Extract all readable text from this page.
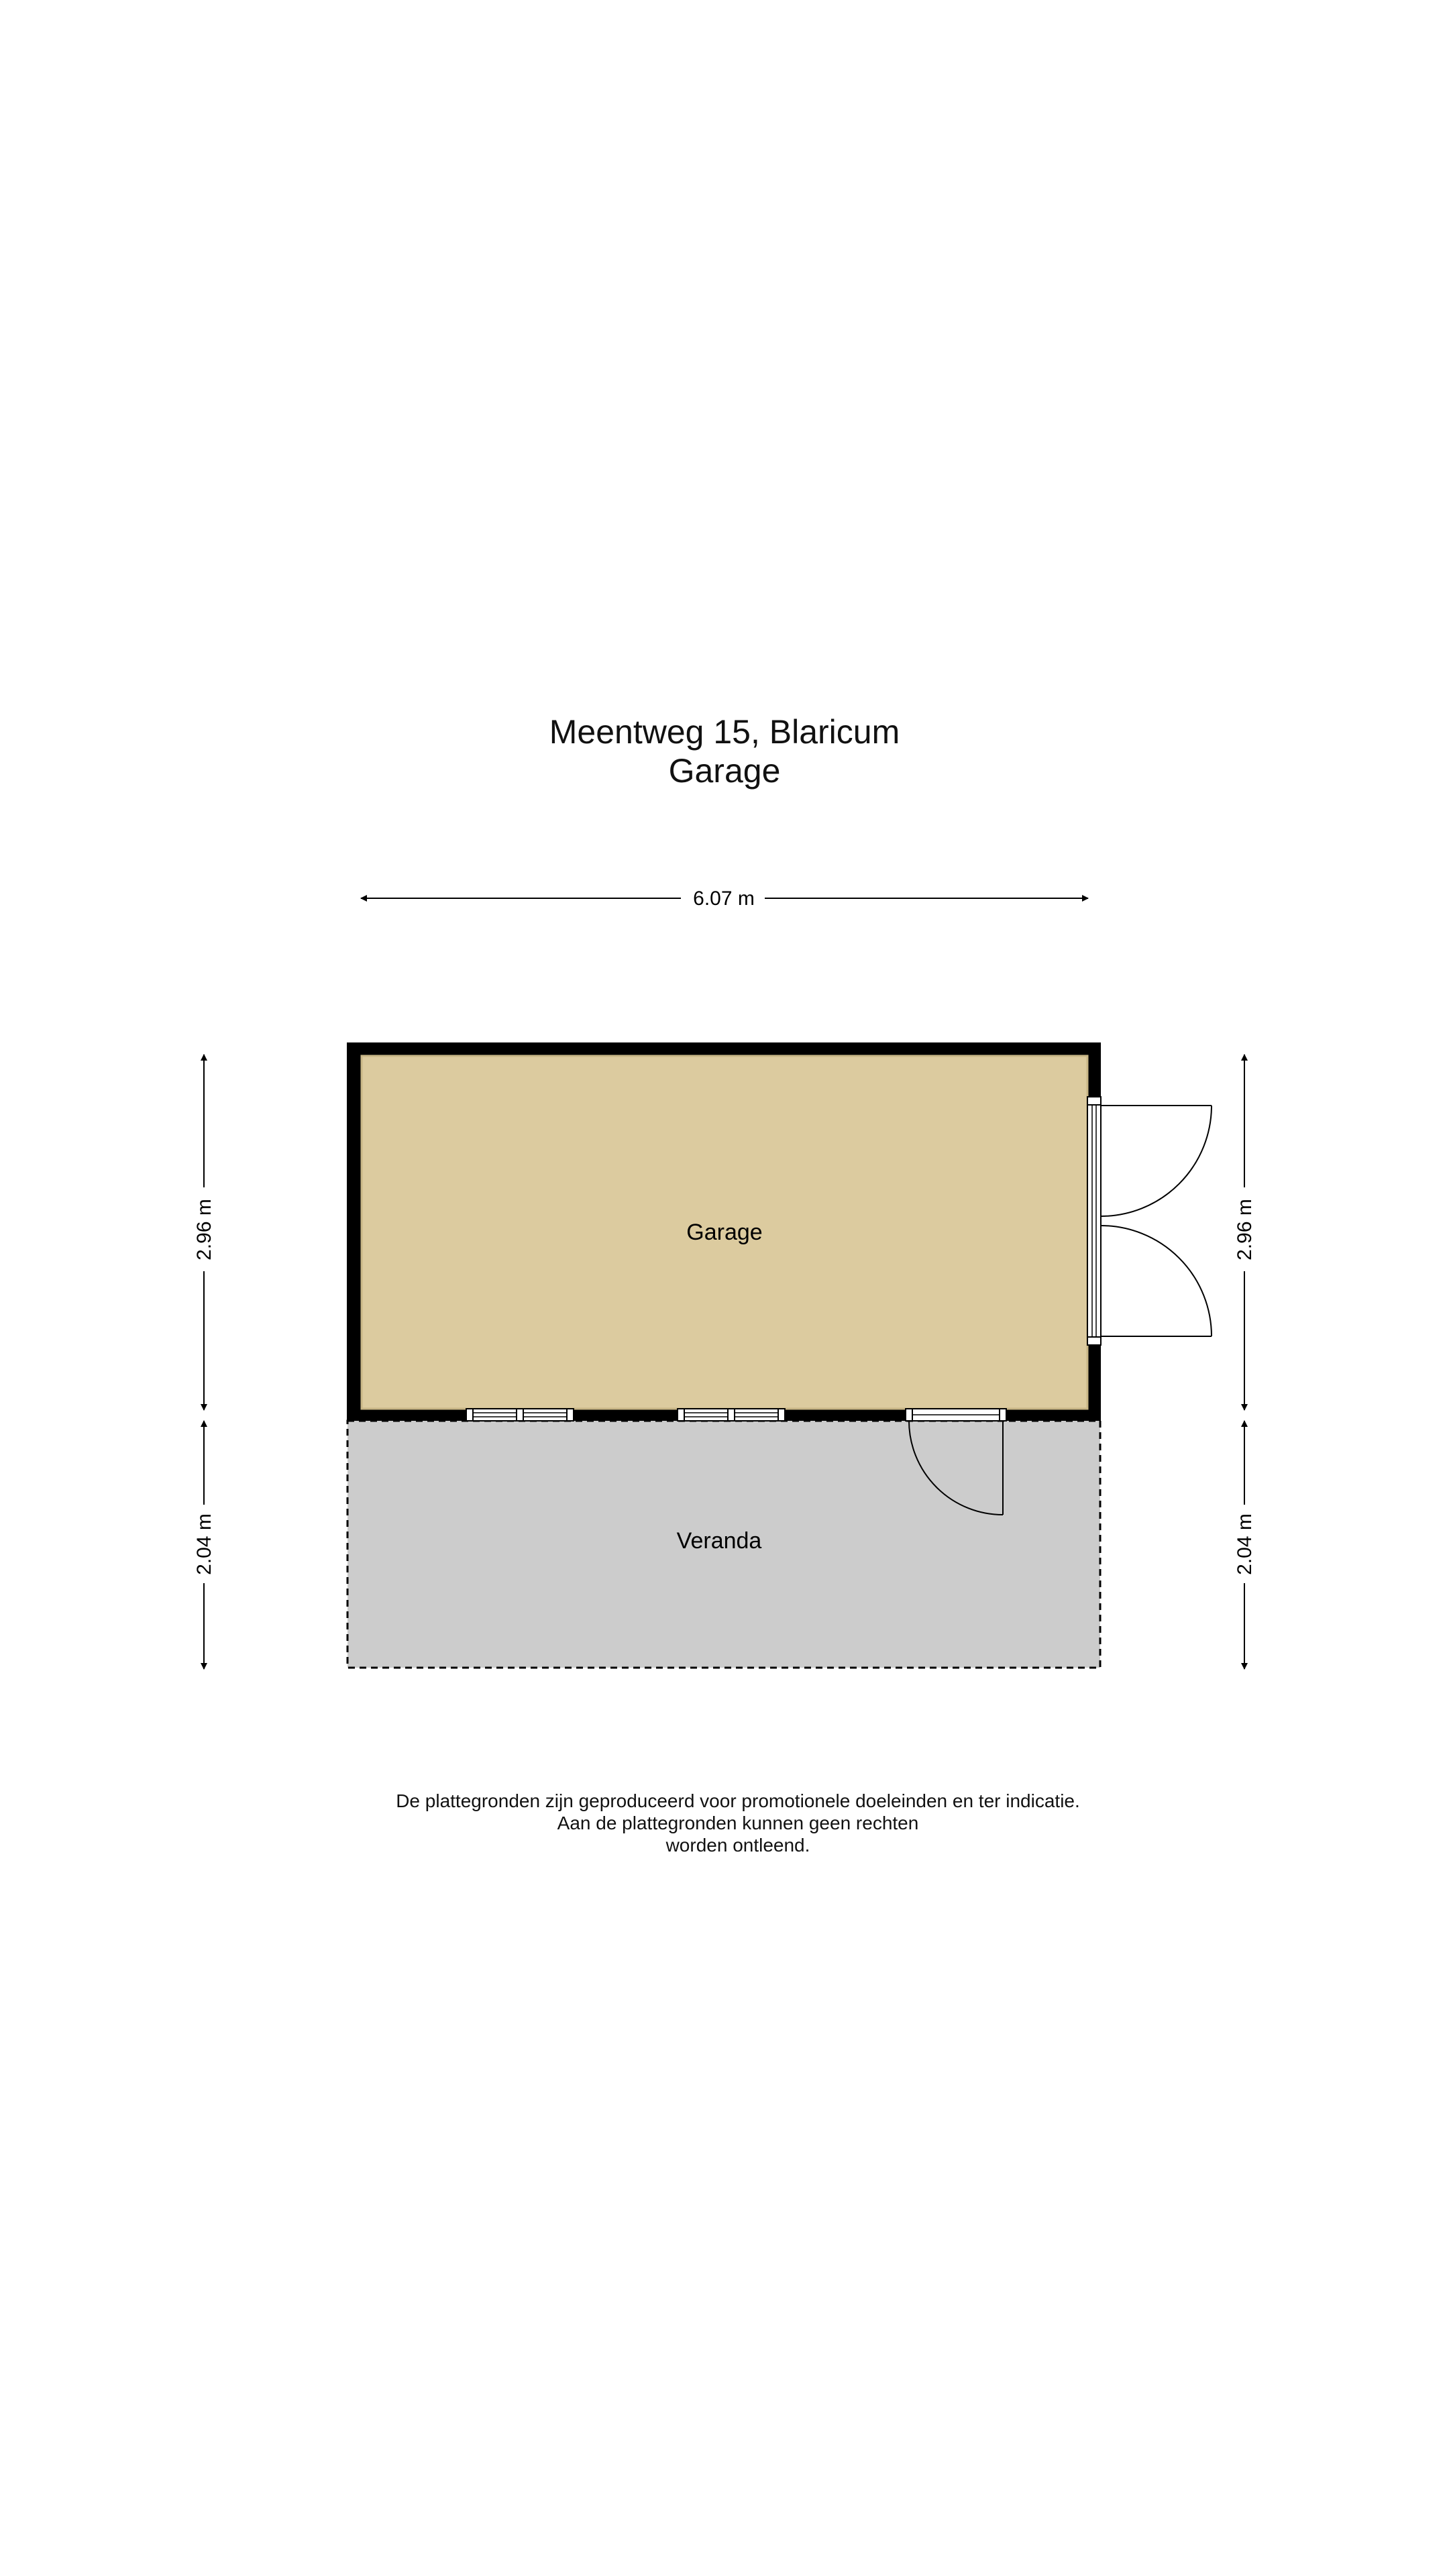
Meentweg 15, Blaricum
Garage
6.07 m
2.96 m
2.04 m
2.96 m
2.04 m
Veranda
Garage
De plattegronden zijn geproduceerd voor promotionele doeleinden en ter indicatie.
Aan de plattegronden kunnen geen rechten
worden ontleend.
